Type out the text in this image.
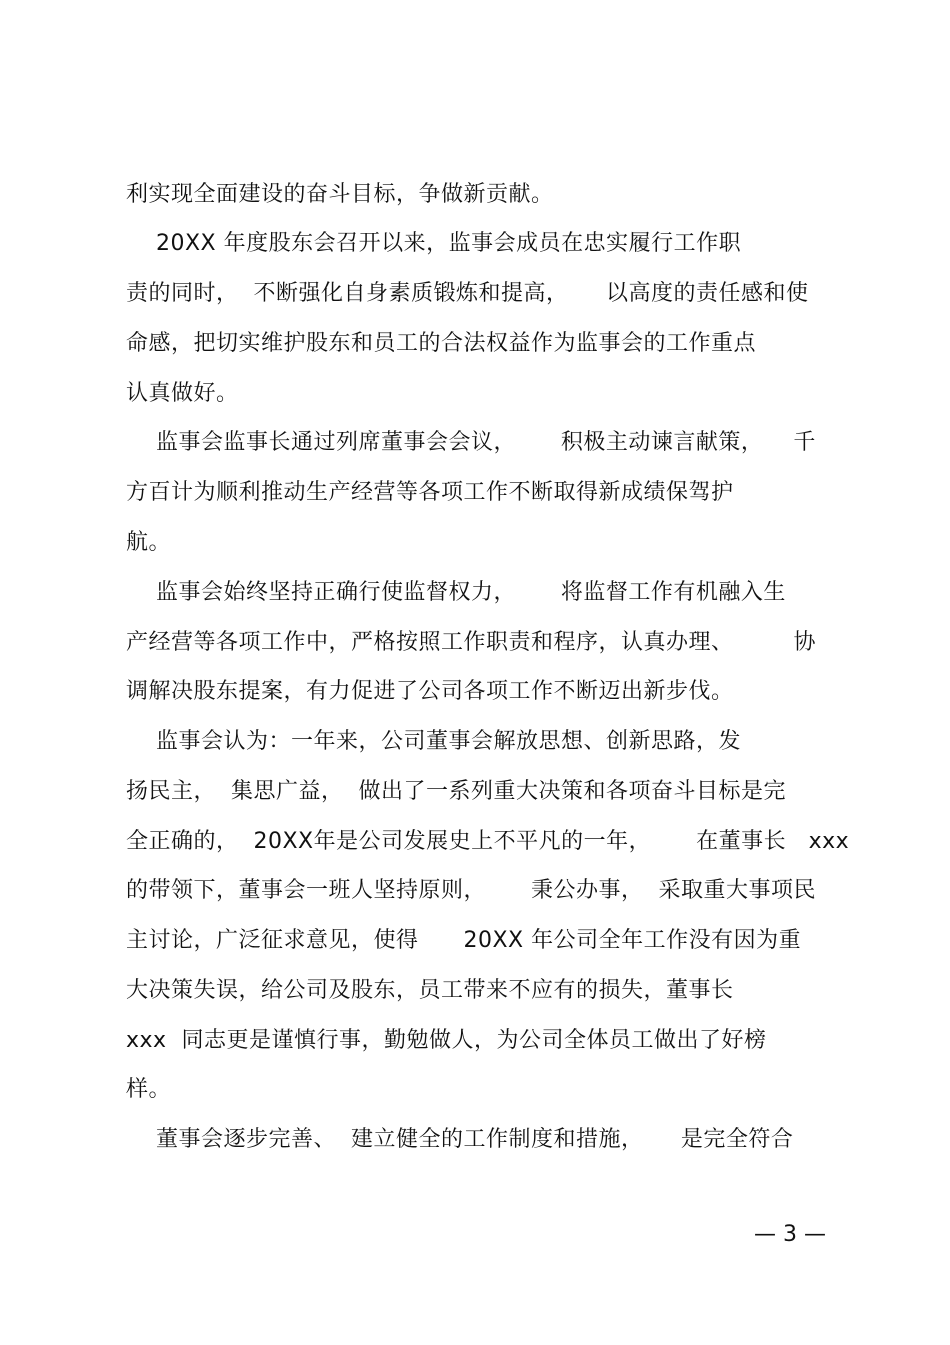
利实现全面建设的奋斗目标，争做新贡献。
20XX 年度股东会召开以来，监事会成员在忠实履行工作职
责的同时，  不断强化自身素质锻炼和提高，     以高度的责任感和使
命感，把切实维护股东和员工的合法权益作为监事会的工作重点
认真做好。
监事会监事长通过列席董事会会议，      积极主动谏言献策，    千
方百计为顺利推动生产经营等各项工作不断取得新成绩保驾护
航。
监事会始终坚持正确行使监督权力，      将监督工作有机融入生
产经营等各项工作中，严格按照工作职责和程序，认真办理、        协
调解决股东提案，有力促进了公司各项工作不断迈出新步伐。
监事会认为：一年来，公司董事会解放思想、创新思路，发
扬民主，  集思广益，  做出了一系列重大决策和各项奋斗目标是完
全正确的，  20XX年是公司发展史上不平凡的一年，      在董事长   xxx
的带领下，董事会一班人坚持原则，      秉公办事，  采取重大事项民
主讨论，广泛征求意见，使得      20XX 年公司全年工作没有因为重
大决策失误，给公司及股东，员工带来不应有的损失，董事长
xxx  同志更是谨慎行事，勤勉做人，为公司全体员工做出了好榜
样。
董事会逐步完善、  建立健全的工作制度和措施，     是完全符合
— 3 —
